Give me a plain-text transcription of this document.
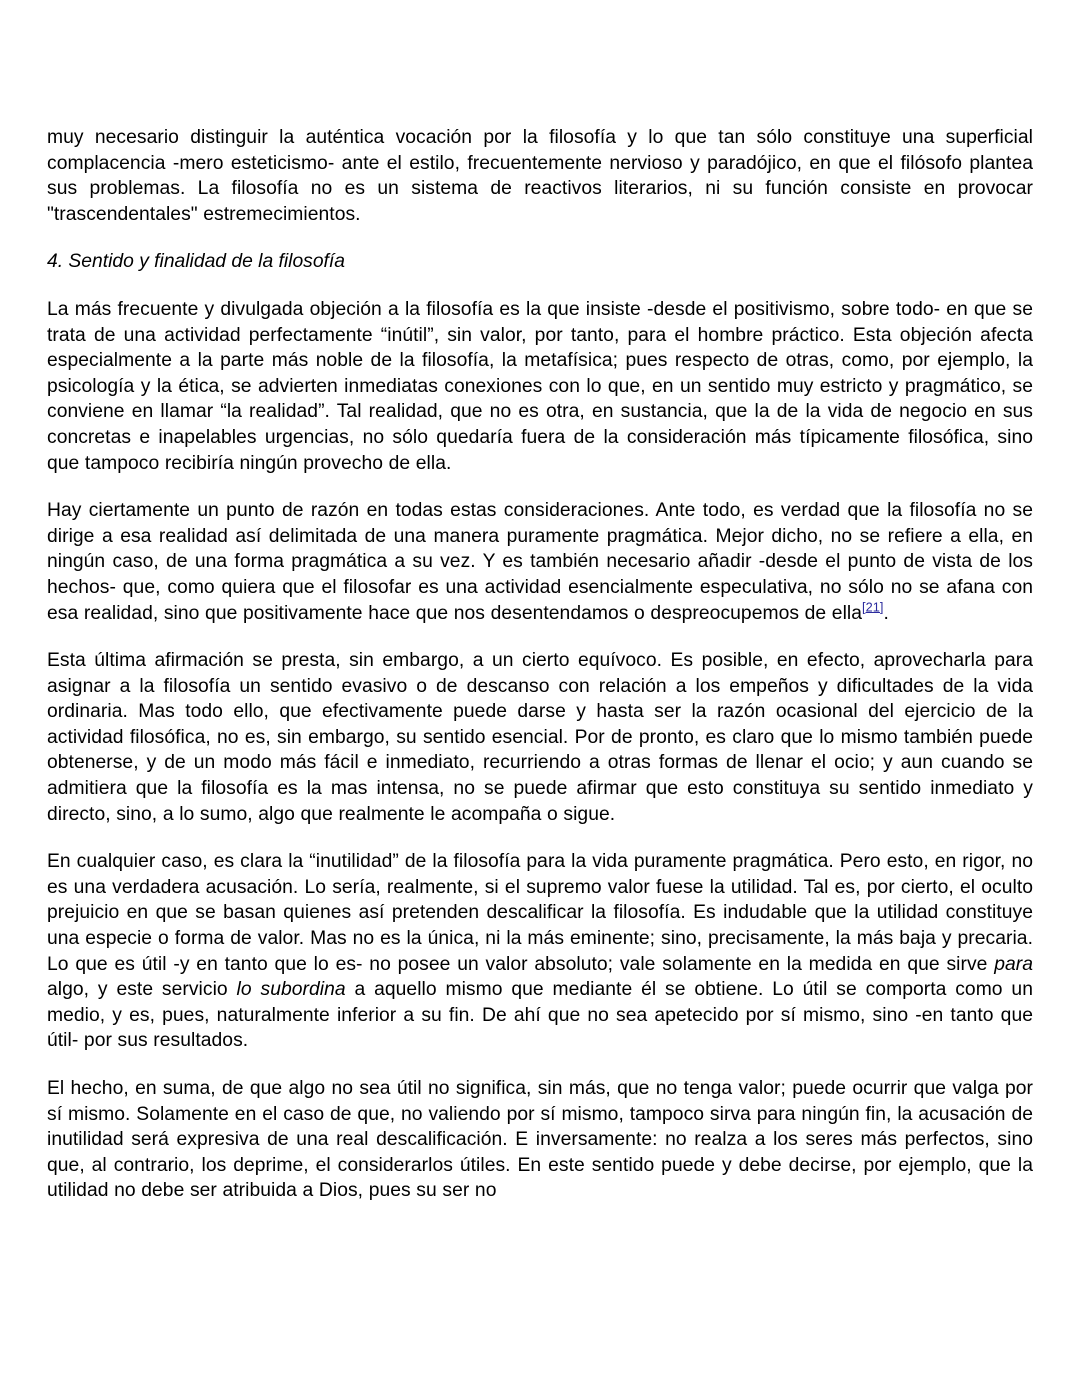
muy necesario distinguir la auténtica vocación por la filosofía y lo que tan sólo constituye una superficial complacencia -mero esteticismo- ante el estilo, frecuentemente nervioso y paradójico, en que el filósofo plantea sus problemas. La filosofía no es un sistema de reactivos literarios, ni su función consiste en provocar "trascendentales" estremecimientos.

4. Sentido y finalidad de la filosofía

La más frecuente y divulgada objeción a la filosofía es la que insiste -desde el positivismo, sobre todo- en que se trata de una actividad perfectamente “inútil”, sin valor, por tanto, para el hombre práctico. Esta objeción afecta especialmente a la parte más noble de la filosofía, la metafísica; pues respecto de otras, como, por ejemplo, la psicología y la ética, se advierten inmediatas conexiones con lo que, en un sentido muy estricto y pragmático, se conviene en llamar “la realidad”. Tal realidad, que no es otra, en sustancia, que la de la vida de negocio en sus concretas e inapelables urgencias, no sólo quedaría fuera de la consideración más típicamente filosófica, sino que tampoco recibiría ningún provecho de ella.

Hay ciertamente un punto de razón en todas estas consideraciones. Ante todo, es verdad que la filosofía no se dirige a esa realidad así delimitada de una manera puramente pragmática. Mejor dicho, no se refiere a ella, en ningún caso, de una forma pragmática a su vez. Y es también necesario añadir -desde el punto de vista de los hechos- que, como quiera que el filosofar es una actividad esencialmente especulativa, no sólo no se afana con esa realidad, sino que positivamente hace que nos desentendamos o despreocupemos de ella[21].

Esta última afirmación se presta, sin embargo, a un cierto equívoco. Es posible, en efecto, aprovecharla para asignar a la filosofía un sentido evasivo o de descanso con relación a los empeños y dificultades de la vida ordinaria. Mas todo ello, que efectivamente puede darse y hasta ser la razón ocasional del ejercicio de la actividad filosófica, no es, sin embargo, su sentido esencial. Por de pronto, es claro que lo mismo también puede obtenerse, y de un modo más fácil e inmediato, recurriendo a otras formas de llenar el ocio; y aun cuando se admitiera que la filosofía es la mas intensa, no se puede afirmar que esto constituya su sentido inmediato y directo, sino, a lo sumo, algo que realmente le acompaña o sigue.

En cualquier caso, es clara la “inutilidad” de la filosofía para la vida puramente pragmática. Pero esto, en rigor, no es una verdadera acusación. Lo sería, realmente, si el supremo valor fuese la utilidad. Tal es, por cierto, el oculto prejuicio en que se basan quienes así pretenden descalificar la filosofía. Es indudable que la utilidad constituye una especie o forma de valor. Mas no es la única, ni la más eminente; sino, precisamente, la más baja y precaria. Lo que es útil -y en tanto que lo es- no posee un valor absoluto; vale solamente en la medida en que sirve para algo, y este servicio lo subordina a aquello mismo que mediante él se obtiene. Lo útil se comporta como un medio, y es, pues, naturalmente inferior a su fin. De ahí que no sea apetecido por sí mismo, sino -en tanto que útil- por sus resultados.

El hecho, en suma, de que algo no sea útil no significa, sin más, que no tenga valor; puede ocurrir que valga por sí mismo. Solamente en el caso de que, no valiendo por sí mismo, tampoco sirva para ningún fin, la acusación de inutilidad será expresiva de una real descalificación. E inversamente: no realza a los seres más perfectos, sino que, al contrario, los deprime, el considerarlos útiles. En este sentido puede y debe decirse, por ejemplo, que la utilidad no debe ser atribuida a Dios, pues su ser no
